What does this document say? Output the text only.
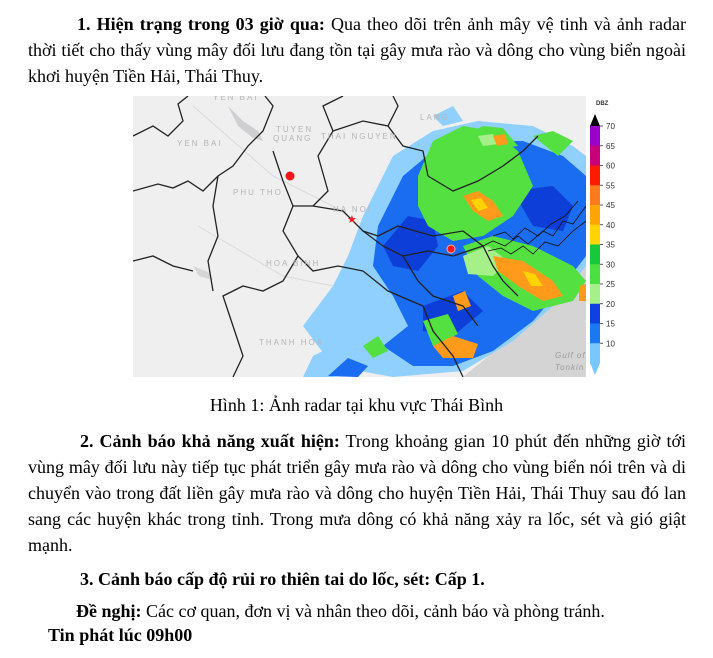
1. Hiện trạng trong 03 giờ qua: Qua theo dõi trên ảnh mây vệ tinh và ảnh radar thời tiết cho thấy vùng mây đối lưu đang tồn tại gây mưa rào và dông cho vùng biển ngoài khơi huyện Tiền Hải, Thái Thuy.
★
YEN BAI
YEN BAI
TUYEN
QUANG THAI NGUYEN
LANG
PHU THO
HA NOI
HOA BINH
THANH HOA
Gulf of
Tonkin
DBZ
70
65
60
55
45
40
35
30
25
20
15
10
Hình 1: Ảnh radar tại khu vực Thái Bình
2. Cảnh báo khả năng xuất hiện: Trong khoảng gian 10 phút đến những giờ tới vùng mây đối lưu này tiếp tục phát triển gây mưa rào và dông cho vùng biển nói trên và di chuyển vào trong đất liền gây mưa rào và dông cho huyện Tiền Hải, Thái Thuy sau đó lan sang các huyện khác trong tỉnh. Trong mưa dông có khả năng xảy ra lốc, sét và gió giật mạnh.
3. Cảnh báo cấp độ rủi ro thiên tai do lốc, sét: Cấp 1.
Đề nghị: Các cơ quan, đơn vị và nhân theo dõi, cảnh báo và phòng tránh.
Tin phát lúc 09h00
